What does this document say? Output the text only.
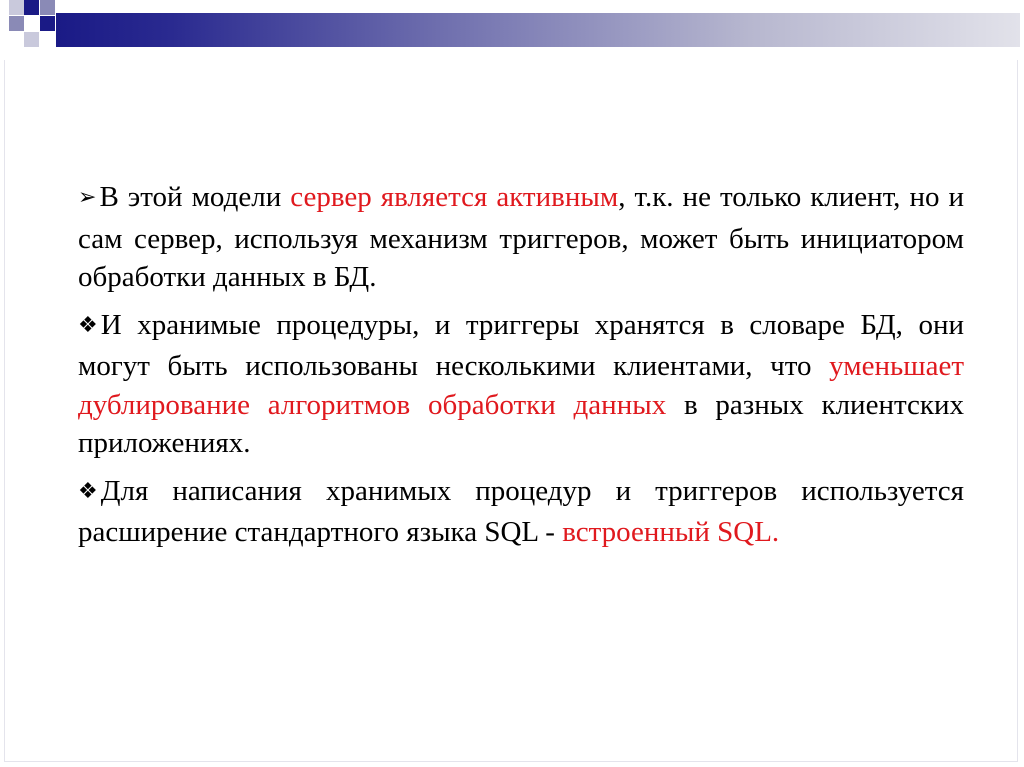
➢ В этой модели сервер является активным, т.к. не только клиент, но и сам сервер, используя механизм триггеров, может быть инициатором обработки данных в БД.

❖ И хранимые процедуры, и триггеры хранятся в словаре БД, они могут быть использованы несколькими клиентами, что уменьшает дублирование алгоритмов обработки данных в разных клиентских приложениях.

❖ Для написания хранимых процедур и триггеров используется расширение стандартного языка SQL - встроенный SQL.
